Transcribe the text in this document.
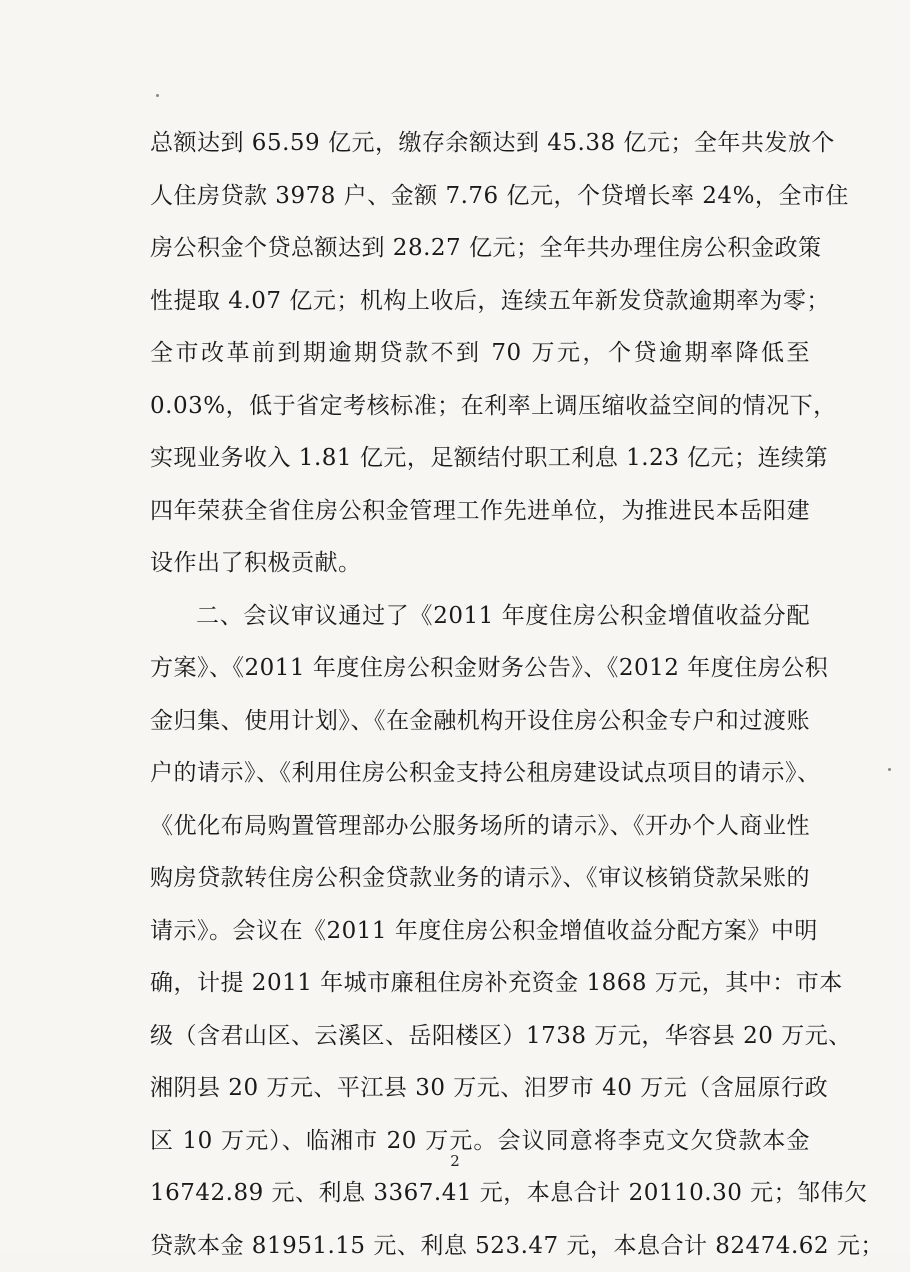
总额达到 65.59 亿元，缴存余额达到 45.38 亿元；全年共发放个
人住房贷款 3978 户、金额 7.76 亿元，个贷增长率 24%，全市住
房公积金个贷总额达到 28.27 亿元；全年共办理住房公积金政策
性提取 4.07 亿元；机构上收后，连续五年新发贷款逾期率为零；
全市改革前到期逾期贷款不到 70 万元，个贷逾期率降低至
0.03%，低于省定考核标准；在利率上调压缩收益空间的情况下，
实现业务收入 1.81 亿元，足额结付职工利息 1.23 亿元；连续第
四年荣获全省住房公积金管理工作先进单位，为推进民本岳阳建
设作出了积极贡献。
二、会议审议通过了《2011 年度住房公积金增值收益分配
方案》、《2011 年度住房公积金财务公告》、《2012 年度住房公积
金归集、使用计划》、《在金融机构开设住房公积金专户和过渡账
户的请示》、《利用住房公积金支持公租房建设试点项目的请示》、
《优化布局购置管理部办公服务场所的请示》、《开办个人商业性
购房贷款转住房公积金贷款业务的请示》、《审议核销贷款呆账的
请示》。会议在《2011 年度住房公积金增值收益分配方案》中明
确，计提 2011 年城市廉租住房补充资金 1868 万元，其中：市本
级（含君山区、云溪区、岳阳楼区）1738 万元，华容县 20 万元、
湘阴县 20 万元、平江县 30 万元、汨罗市 40 万元（含屈原行政
区 10 万元）、临湘市 20 万元。会议同意将李克文欠贷款本金
16742.89 元、利息 3367.41 元，本息合计 20110.30 元；邹伟欠
贷款本金 81951.15 元、利息 523.47 元，本息合计 82474.62 元；
2
